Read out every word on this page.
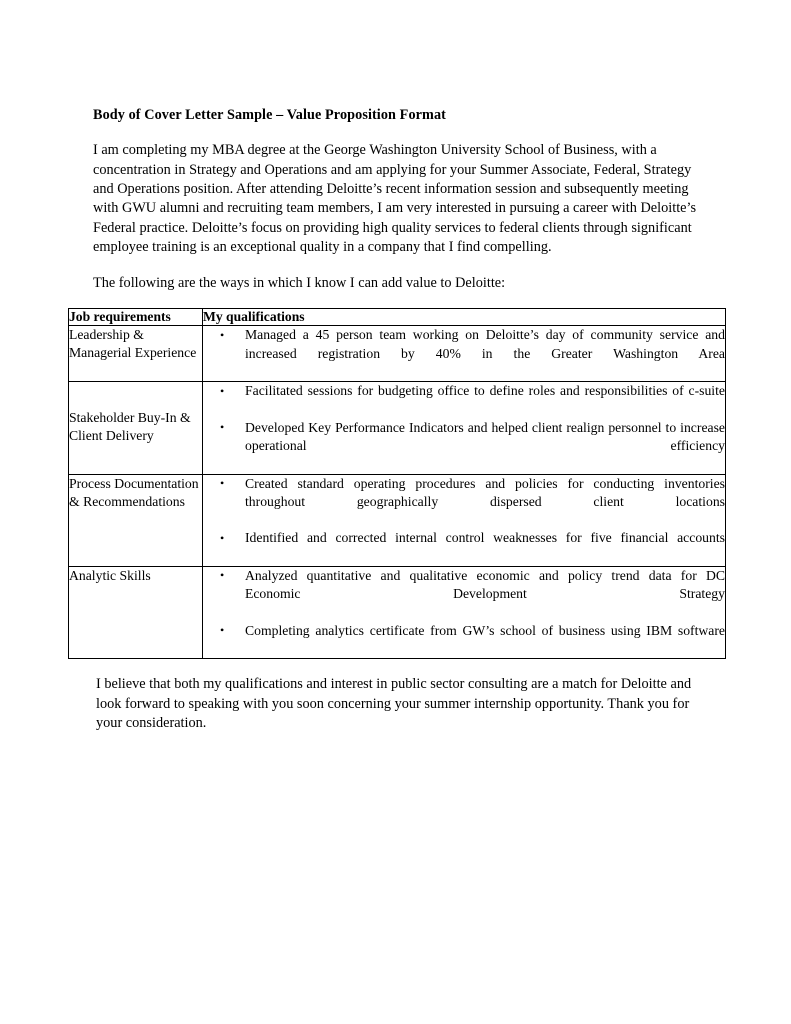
Body of Cover Letter Sample – Value Proposition Format

I am completing my MBA degree at the George Washington University School of Business, with a concentration in Strategy and Operations and am applying for your Summer Associate, Federal, Strategy and Operations position. After attending Deloitte’s recent information session and subsequently meeting with GWU alumni and recruiting team members, I am very interested in pursuing a career with Deloitte’s Federal practice. Deloitte’s focus on providing high quality services to federal clients through significant employee training is an exceptional quality in a company that I find compelling.

The following are the ways in which I know I can add value to Deloitte:

Job requirements	My qualifications
Leadership & Managerial Experience	
• Managed a 45 person team working on Deloitte’s day of community service and increased registration by 40% in the Greater Washington Area

Stakeholder Buy-In & Client Delivery	
• Facilitated sessions for budgeting office to define roles and responsibilities of c-suite
• Developed Key Performance Indicators and helped client realign personnel to increase operational efficiency

Process Documentation & Recommendations	
• Created standard operating procedures and policies for conducting inventories throughout geographically dispersed client locations
• Identified and corrected internal control weaknesses for five financial accounts

Analytic Skills	
•Analyzed quantitative and qualitative economic and policy trend data for DC Economic Development Strategy
• Completing analytics certificate from GW’s school of business using IBM software

I believe that both my qualifications and interest in public sector consulting are a match for Deloitte and look forward to speaking with you soon concerning your summer internship opportunity. Thank you for your consideration.
